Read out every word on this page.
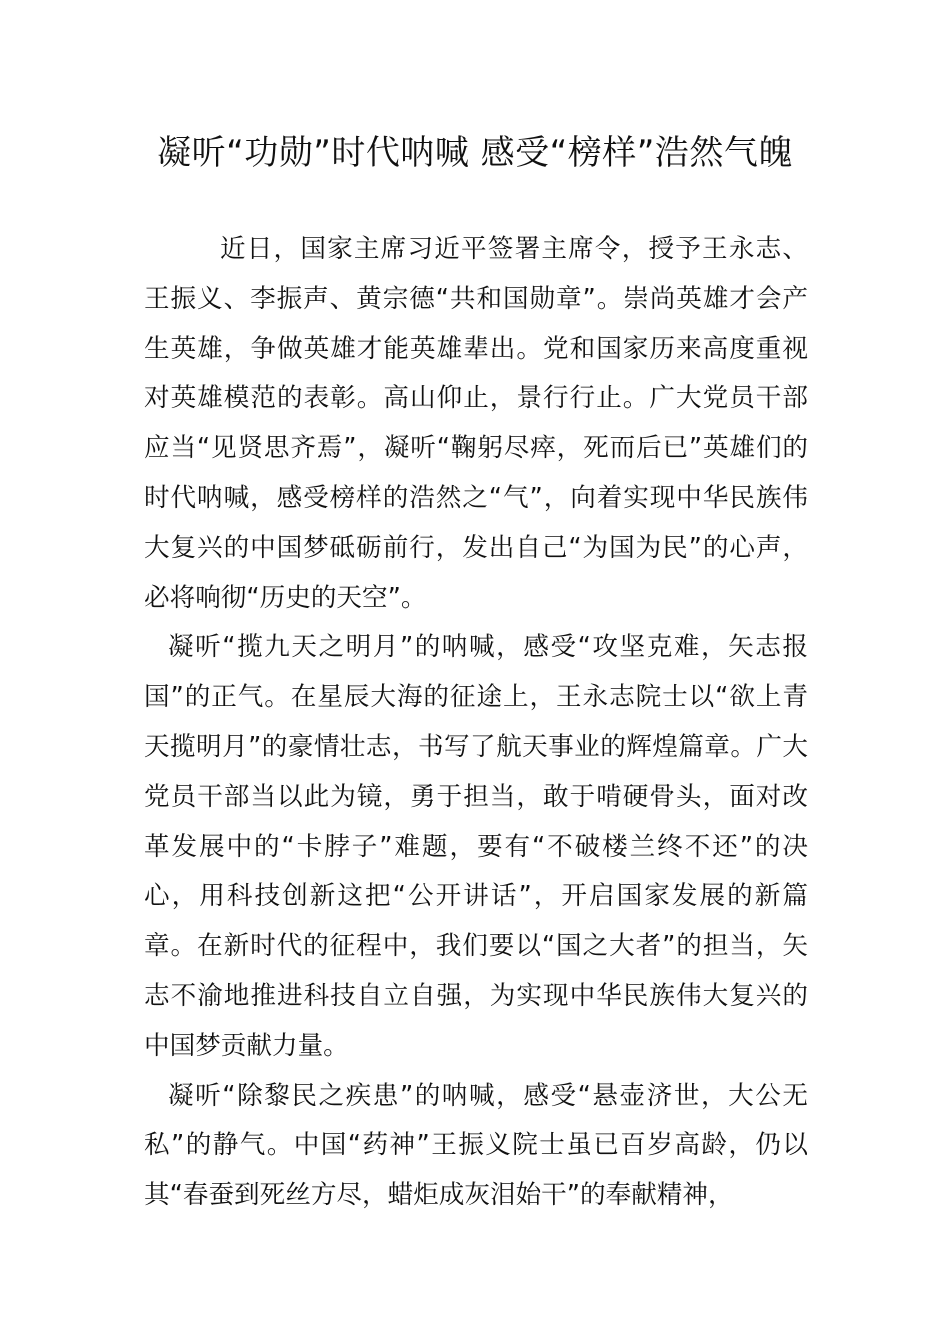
凝听“功勋”时代呐喊 感受“榜样”浩然气魄

近日，国家主席习近平签署主席令，授予王永志、王振义、李振声、黄宗德“共和国勋章”。崇尚英雄才会产生英雄，争做英雄才能英雄辈出。党和国家历来高度重视对英雄模范的表彰。高山仰止，景行行止。广大党员干部应当“见贤思齐焉”，凝听“鞠躬尽瘁，死而后已”英雄们的时代呐喊，感受榜样的浩然之“气”，向着实现中华民族伟大复兴的中国梦砥砺前行，发出自己“为国为民”的心声，必将响彻“历史的天空”。

凝听“揽九天之明月”的呐喊，感受“攻坚克难，矢志报国”的正气。在星辰大海的征途上，王永志院士以“欲上青天揽明月”的豪情壮志，书写了航天事业的辉煌篇章。广大党员干部当以此为镜，勇于担当，敢于啃硬骨头，面对改革发展中的“卡脖子”难题，要有“不破楼兰终不还”的决心，用科技创新这把“公开讲话”，开启国家发展的新篇章。在新时代的征程中，我们要以“国之大者”的担当，矢志不渝地推进科技自立自强，为实现中华民族伟大复兴的中国梦贡献力量。

凝听“除黎民之疾患”的呐喊，感受“悬壶济世，大公无私”的静气。中国“药神”王振义院士虽已百岁高龄，仍以其“春蚕到死丝方尽，蜡炬成灰泪始干”的奉献精神，
